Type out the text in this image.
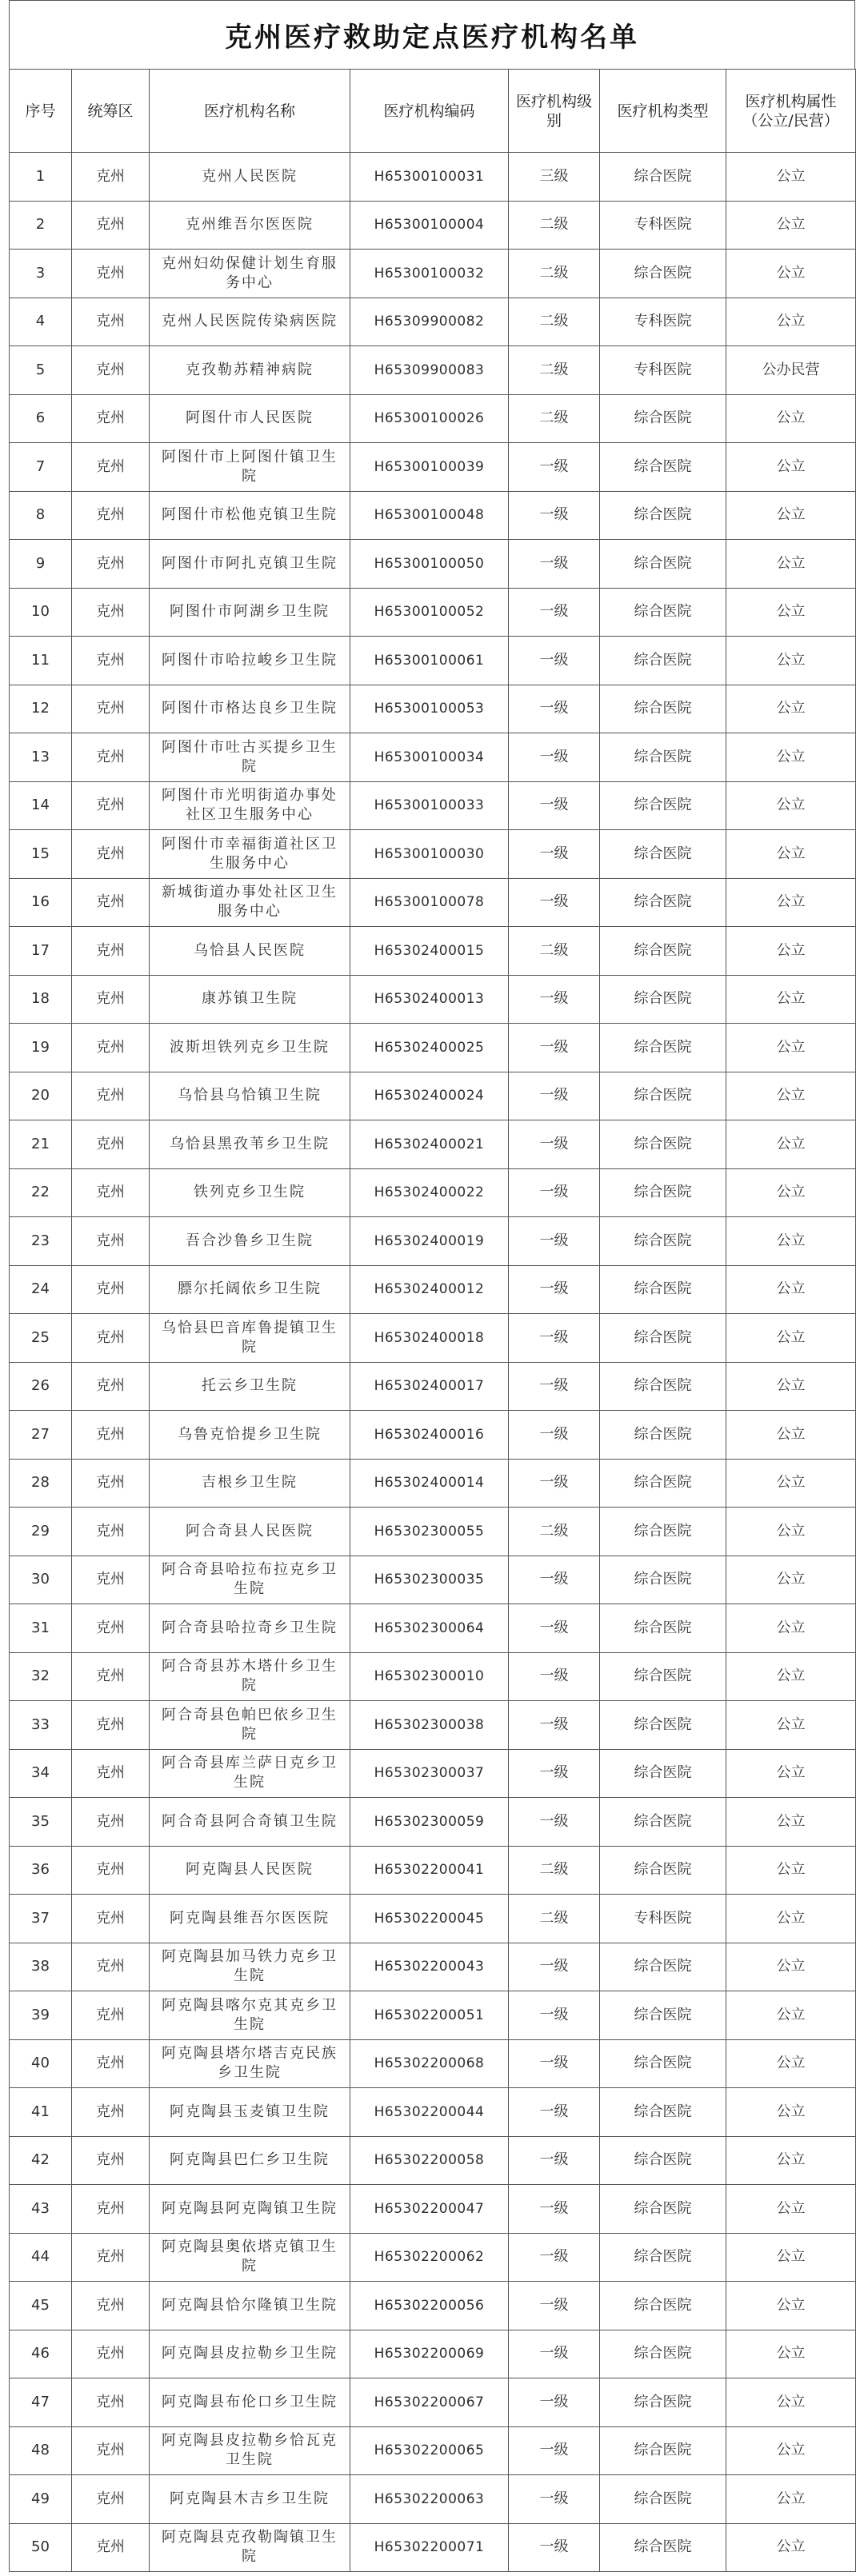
克州医疗救助定点医疗机构名单
序号	统筹区	医疗机构名称	医疗机构编码	医疗机构级别	医疗机构类型	医疗机构属性（公立/民营）
1	克州	克州人民医院	H65300100031	三级	综合医院	公立
2	克州	克州维吾尔医医院	H65300100004	二级	专科医院	公立
3	克州	克州妇幼保健计划生育服务中心	H65300100032	二级	综合医院	公立
4	克州	克州人民医院传染病医院	H65309900082	二级	专科医院	公立
5	克州	克孜勒苏精神病院	H65309900083	二级	专科医院	公办民营
6	克州	阿图什市人民医院	H65300100026	二级	综合医院	公立
7	克州	阿图什市上阿图什镇卫生院	H65300100039	一级	综合医院	公立
8	克州	阿图什市松他克镇卫生院	H65300100048	一级	综合医院	公立
9	克州	阿图什市阿扎克镇卫生院	H65300100050	一级	综合医院	公立
10	克州	阿图什市阿湖乡卫生院	H65300100052	一级	综合医院	公立
11	克州	阿图什市哈拉峻乡卫生院	H65300100061	一级	综合医院	公立
12	克州	阿图什市格达良乡卫生院	H65300100053	一级	综合医院	公立
13	克州	阿图什市吐古买提乡卫生院	H65300100034	一级	综合医院	公立
14	克州	阿图什市光明街道办事处社区卫生服务中心	H65300100033	一级	综合医院	公立
15	克州	阿图什市幸福街道社区卫生服务中心	H65300100030	一级	综合医院	公立
16	克州	新城街道办事处社区卫生服务中心	H65300100078	一级	综合医院	公立
17	克州	乌恰县人民医院	H65302400015	二级	综合医院	公立
18	克州	康苏镇卫生院	H65302400013	一级	综合医院	公立
19	克州	波斯坦铁列克乡卫生院	H65302400025	一级	综合医院	公立
20	克州	乌恰县乌恰镇卫生院	H65302400024	一级	综合医院	公立
21	克州	乌恰县黑孜苇乡卫生院	H65302400021	一级	综合医院	公立
22	克州	铁列克乡卫生院	H65302400022	一级	综合医院	公立
23	克州	吾合沙鲁乡卫生院	H65302400019	一级	综合医院	公立
24	克州	膘尔托阔依乡卫生院	H65302400012	一级	综合医院	公立
25	克州	乌恰县巴音库鲁提镇卫生院	H65302400018	一级	综合医院	公立
26	克州	托云乡卫生院	H65302400017	一级	综合医院	公立
27	克州	乌鲁克恰提乡卫生院	H65302400016	一级	综合医院	公立
28	克州	吉根乡卫生院	H65302400014	一级	综合医院	公立
29	克州	阿合奇县人民医院	H65302300055	二级	综合医院	公立
30	克州	阿合奇县哈拉布拉克乡卫生院	H65302300035	一级	综合医院	公立
31	克州	阿合奇县哈拉奇乡卫生院	H65302300064	一级	综合医院	公立
32	克州	阿合奇县苏木塔什乡卫生院	H65302300010	一级	综合医院	公立
33	克州	阿合奇县色帕巴依乡卫生院	H65302300038	一级	综合医院	公立
34	克州	阿合奇县库兰萨日克乡卫生院	H65302300037	一级	综合医院	公立
35	克州	阿合奇县阿合奇镇卫生院	H65302300059	一级	综合医院	公立
36	克州	阿克陶县人民医院	H65302200041	二级	综合医院	公立
37	克州	阿克陶县维吾尔医医院	H65302200045	二级	专科医院	公立
38	克州	阿克陶县加马铁力克乡卫生院	H65302200043	一级	综合医院	公立
39	克州	阿克陶县喀尔克其克乡卫生院	H65302200051	一级	综合医院	公立
40	克州	阿克陶县塔尔塔吉克民族乡卫生院	H65302200068	一级	综合医院	公立
41	克州	阿克陶县玉麦镇卫生院	H65302200044	一级	综合医院	公立
42	克州	阿克陶县巴仁乡卫生院	H65302200058	一级	综合医院	公立
43	克州	阿克陶县阿克陶镇卫生院	H65302200047	一级	综合医院	公立
44	克州	阿克陶县奥依塔克镇卫生院	H65302200062	一级	综合医院	公立
45	克州	阿克陶县恰尔隆镇卫生院	H65302200056	一级	综合医院	公立
46	克州	阿克陶县皮拉勒乡卫生院	H65302200069	一级	综合医院	公立
47	克州	阿克陶县布伦口乡卫生院	H65302200067	一级	综合医院	公立
48	克州	阿克陶县皮拉勒乡恰瓦克卫生院	H65302200065	一级	综合医院	公立
49	克州	阿克陶县木吉乡卫生院	H65302200063	一级	综合医院	公立
50	克州	阿克陶县克孜勒陶镇卫生院	H65302200071	一级	综合医院	公立
